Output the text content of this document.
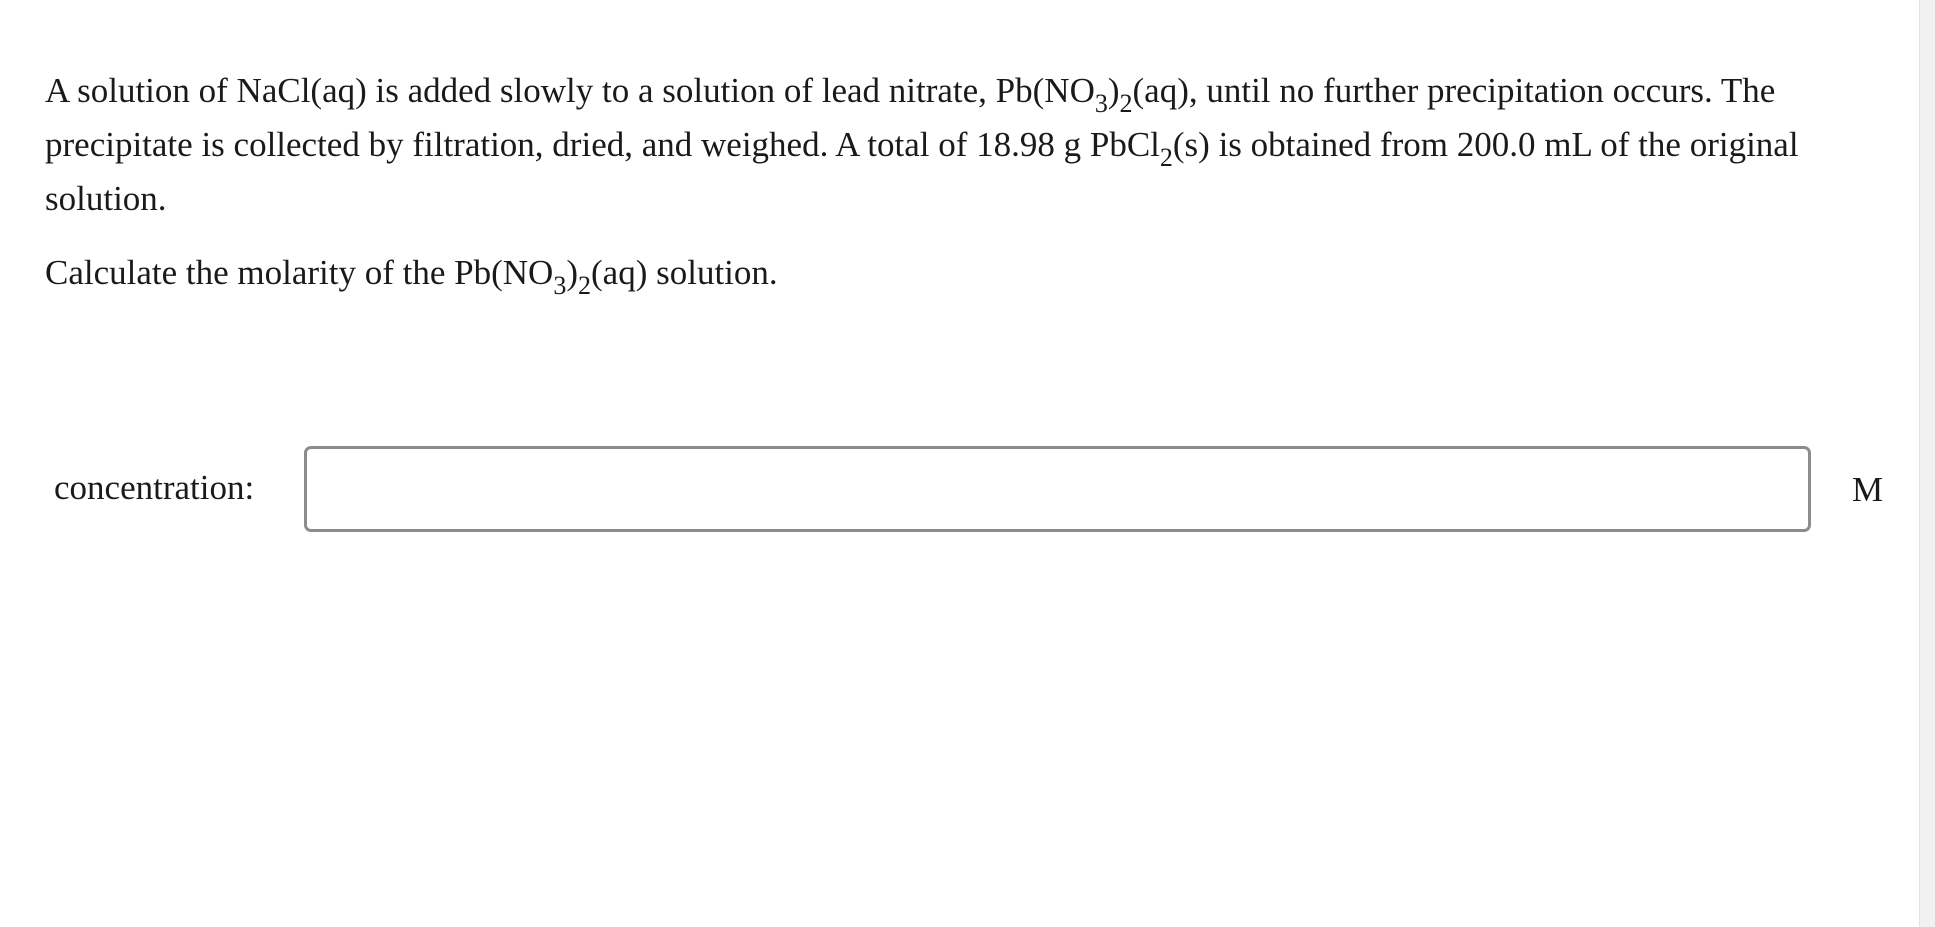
A solution of NaCl(aq) is added slowly to a solution of lead nitrate, $Pb(NO_3)_2(aq)$, until no further precipitation occurs. The precipitate is collected by filtration, dried, and weighed. A total of 18.98 g PbCl$_2$(s) is obtained from 200.0 mL of the original solution.

Calculate the molarity of the $Pb(NO_3)_2(aq)$ solution.

concentration:	M
